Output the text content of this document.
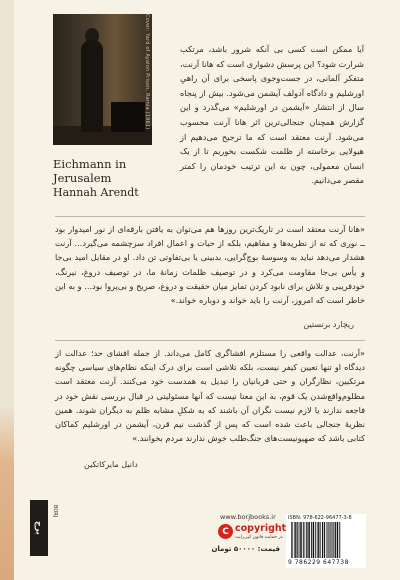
Cover: Yard of Ayalon Prison, Ramla (1961)
Eichmann in Jerusalem
Hannah Arendt
آیا ممکن است کسی بی آنکه شرور باشد، مرتکب شرارت شود؟ این پرسش دشواری است که هانا آرنت، متفکر آلمانی، در جست‌وجوی پاسخی برای آن راهیِ اورشلیم و دادگاه آدولف آیشمن می‌شود. بیش از پنجاه سال از انتشار «آیشمن در اورشلیم» می‌گذرد و این گزارش همچنان جنجالی‌ترین اثر هانا آرنت محسوب می‌شود. آرنت معتقد است که ما ترجیح می‌دهیم از هیولایی برخاسته از ظلمت شکست بخوریم تا از یک انسان معمولی، چون به این ترتیب خودمان را کمتر مقصر می‌دانیم.
«هانا آرنت معتقد است در تاریک‌ترین روزها هم می‌توان به یافتن بارقه‌ای از نور امیدوار بود ــ نوری که نه از نظریه‌ها و مفاهیم، بلکه از حیات و اعمال افراد سرچشمه می‌گیرد... آرنت هشدار می‌دهد نباید به وسوسهٔ بوچ‌گرایی، بدبینی یا بی‌تفاوتی تن داد. او در مقابل امید بی‌جا و یأس بی‌جا مقاومت می‌کرد و در توصیف ظلمات زمانهٔ ما، در توصیف دروغ، نیرنگ، خودفریبی و تلاش برای نابود کردن تمایز میان حقیقت و دروغ، صریح و بی‌پروا بود... و به این خاطر است که امروز، آرنت را باید خواند و دوباره خواند.»
ریچارد برنستین
«آرنت، عدالت واقعی را مستلزم افشاگری کامل می‌داند. از جمله افشای حد؛ عدالت از دیدگاه او تنها تعیین کیفر نیست، بلکه تلاشی است برای درک اینکه نظام‌های سیاسی چگونه مرتکبین، نظارگران و حتی قربانیان را تبدیل به همدست خود می‌کنند. آرنت معتقد است مظلوم‌واقع‌شدن یک قوم، به این معنا نیست که آنها مسئولیتی در قبال بررسی نقش خود در فاجعه ندارند یا لازم نیست نگران آن باشند که به شکلِ مشابه ظلم به دیگران شوند. همین نظریهٔ جنجالی باعث شده است که پس از گذشت نیم قرن، آیشمن در اورشلیم کماکان کتابی باشد که صهیونیست‌های جنگ‌طلب خوش ندارند مردم بخوانند.»
دانیل مایرکاتکین
برج
BORJ	www.borjbooks.ir
C copyright
در حمایت قانون کپی‌رایت
قیمت: ۵۰۰۰۰ تومان
ISBN: 978-622-96477-3-8
9 786229 647738
